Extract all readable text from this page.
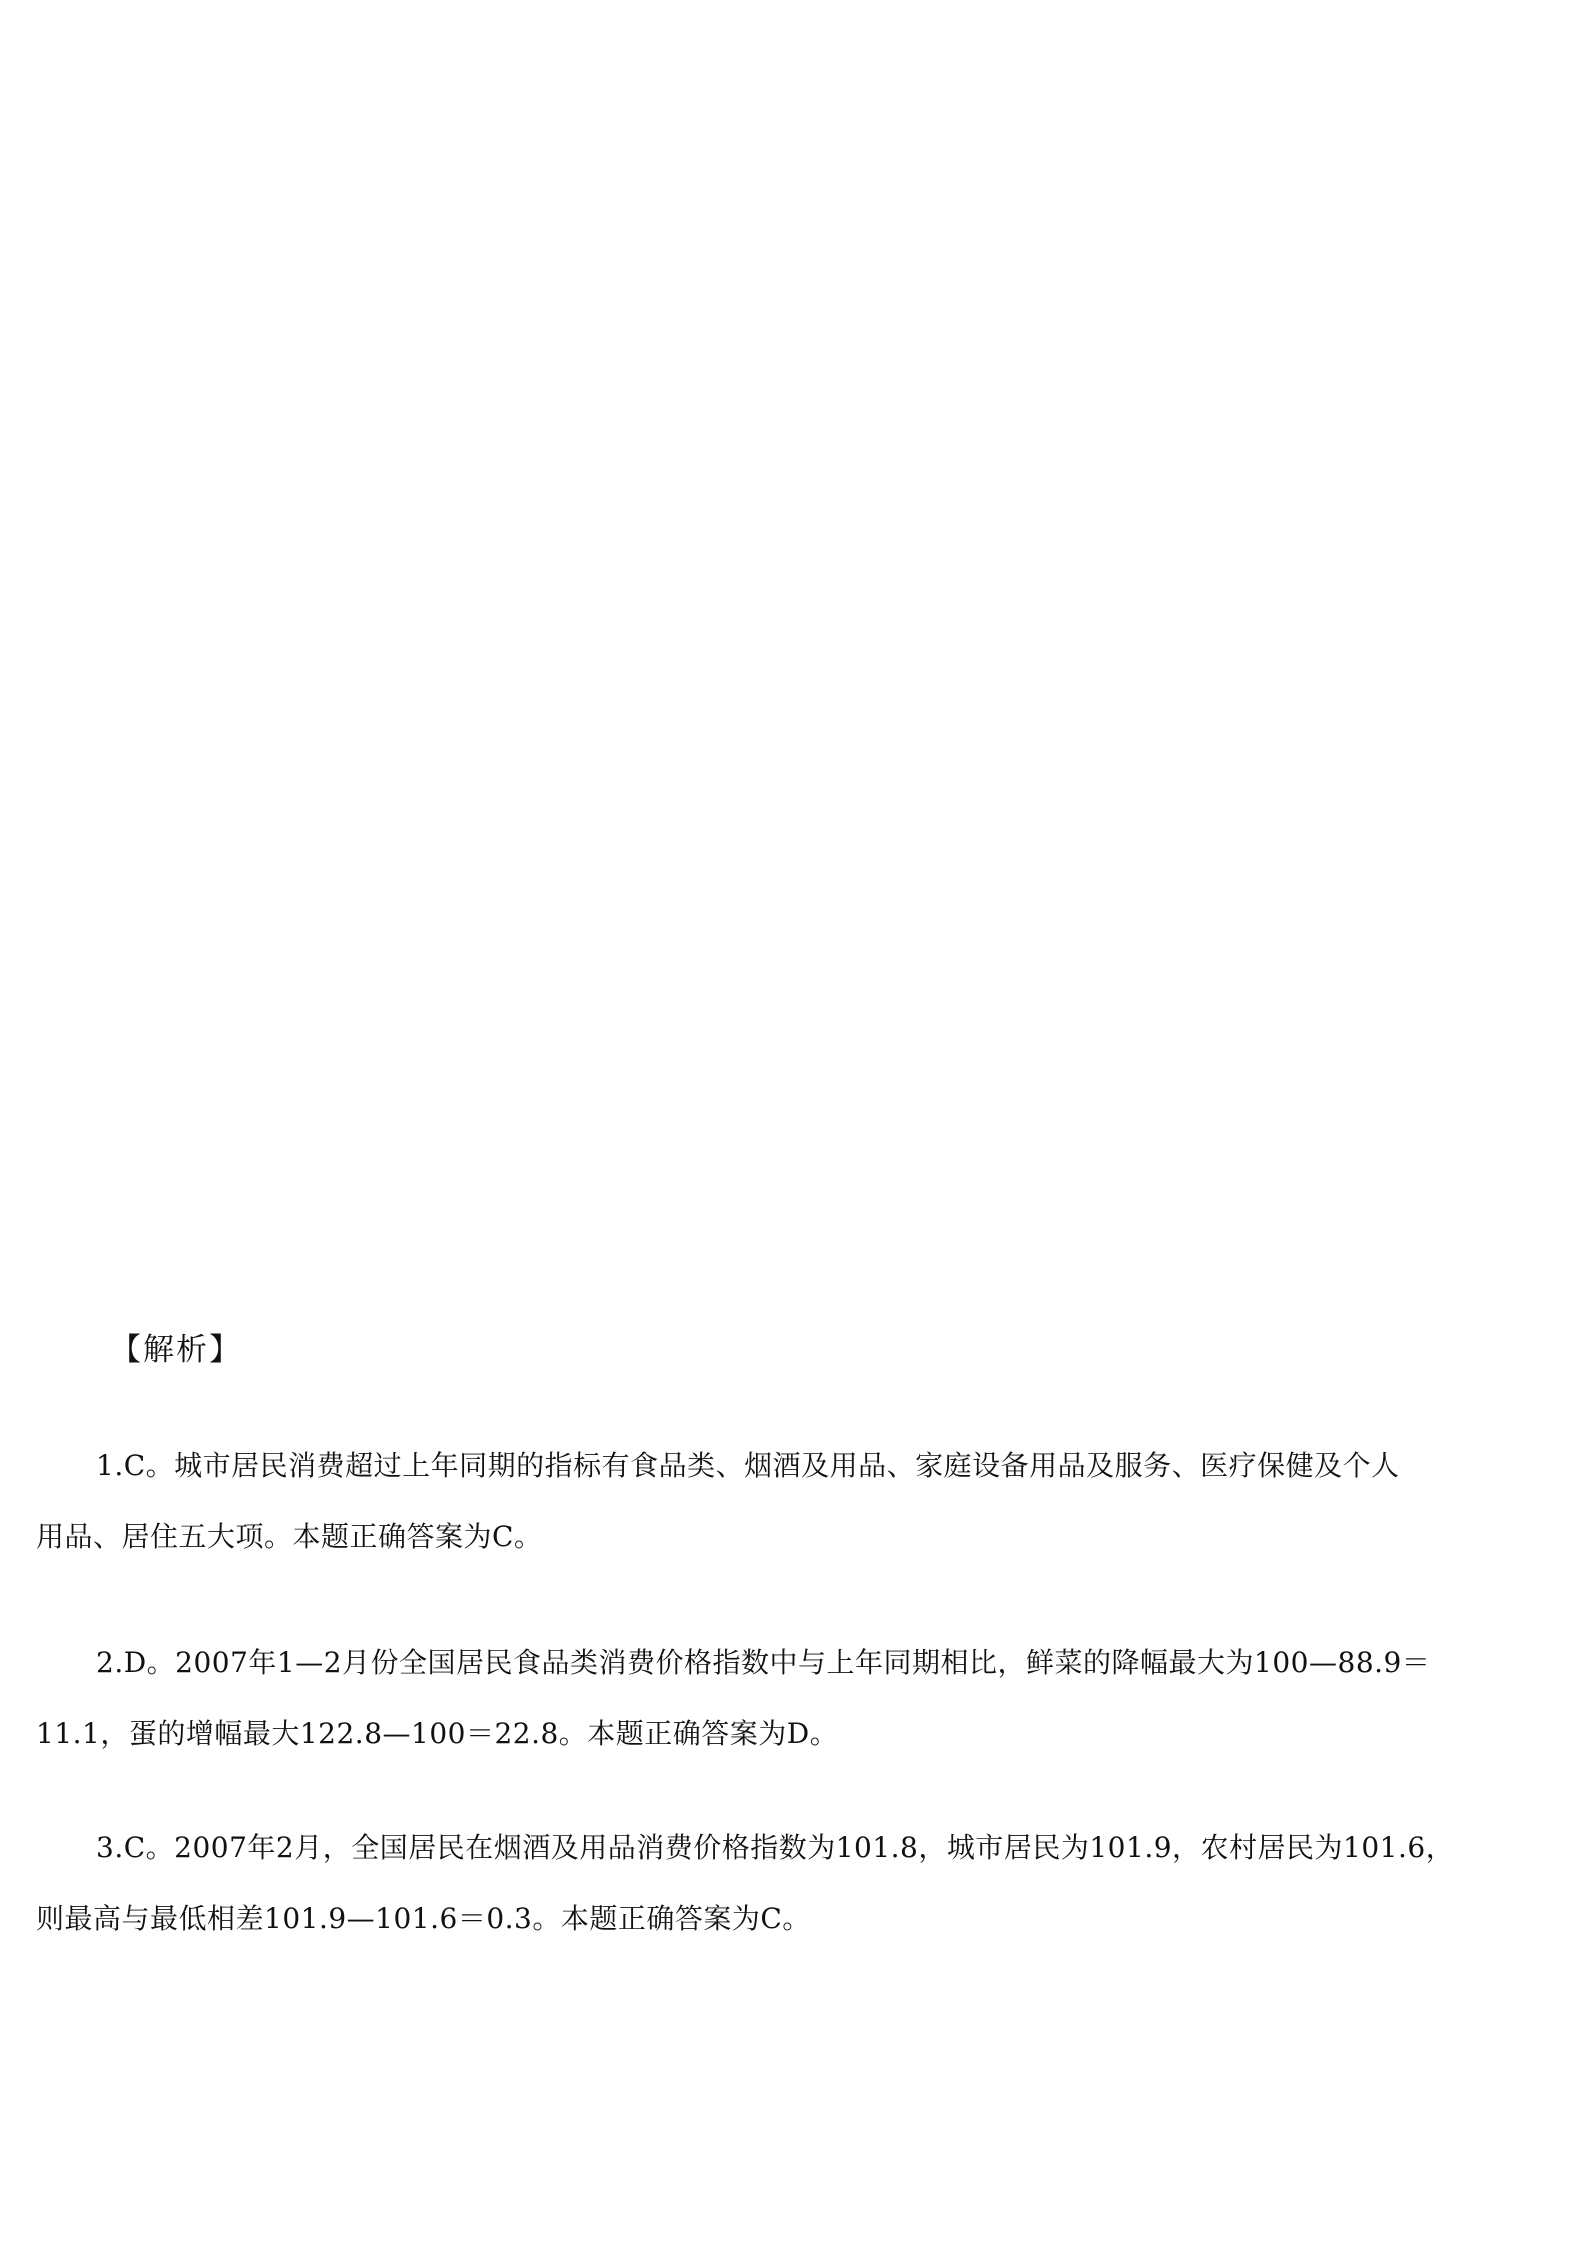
【解析】
1.C。城市居民消费超过上年同期的指标有食品类、烟酒及用品、家庭设备用品及服务、医疗保健及个人
用品、居住五大项。本题正确答案为C。
2.D。2007年1—2月份全国居民食品类消费价格指数中与上年同期相比，鲜菜的降幅最大为100—88.9＝
11.1，蛋的增幅最大122.8—100＝22.8。本题正确答案为D。
3.C。2007年2月，全国居民在烟酒及用品消费价格指数为101.8，城市居民为101.9，农村居民为101.6，
则最高与最低相差101.9—101.6＝0.3。本题正确答案为C。
